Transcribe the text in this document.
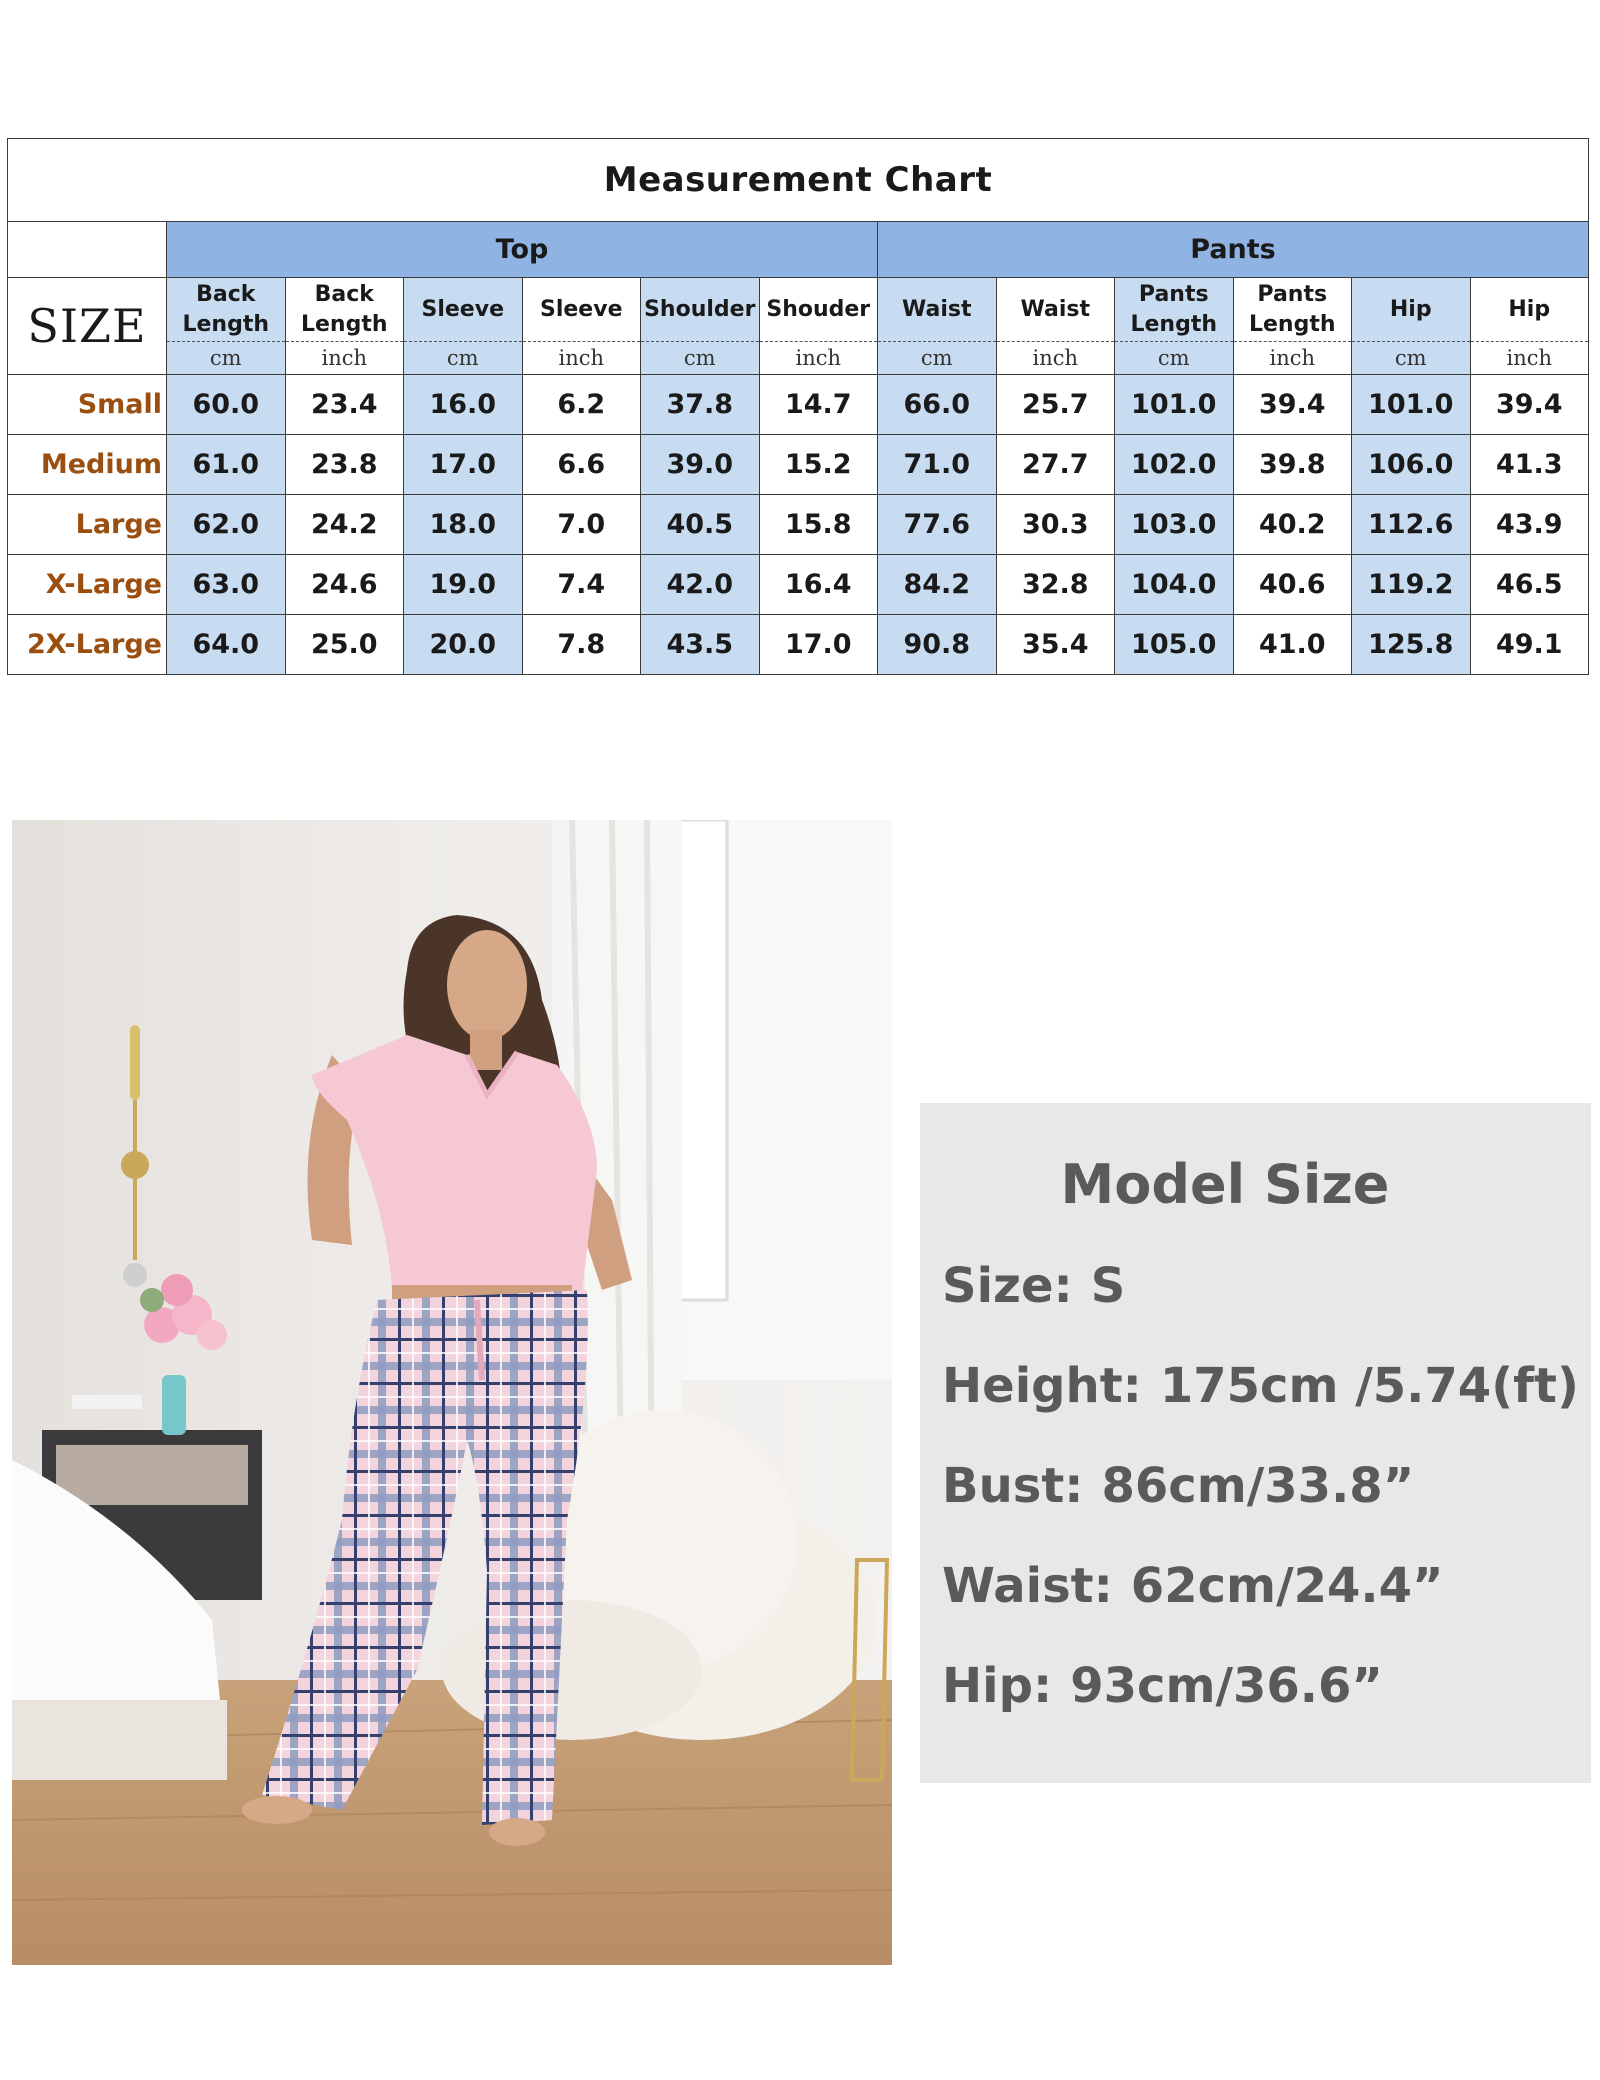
Measurement Chart												
	Top						Pants					
SIZE	Back Length	Back Length	Sleeve	Sleeve	Shoulder	Shouder	Waist	Waist	Pants Length	Pants Length	Hip	Hip
	cm	inch	cm	inch	cm	inch	cm	inch	cm	inch	cm	inch
Small	60.0	23.4	16.0	6.2	37.8	14.7	66.0	25.7	101.0	39.4	101.0	39.4
Medium	61.0	23.8	17.0	6.6	39.0	15.2	71.0	27.7	102.0	39.8	106.0	41.3
Large	62.0	24.2	18.0	7.0	40.5	15.8	77.6	30.3	103.0	40.2	112.6	43.9
X-Large	63.0	24.6	19.0	7.4	42.0	16.4	84.2	32.8	104.0	40.6	119.2	46.5
2X-Large	64.0	25.0	20.0	7.8	43.5	17.0	90.8	35.4	105.0	41.0	125.8	49.1
Model Size
Size: S
Height: 175cm /5.74(ft)
Bust: 86cm/33.8”
Waist: 62cm/24.4”
Hip: 93cm/36.6”
